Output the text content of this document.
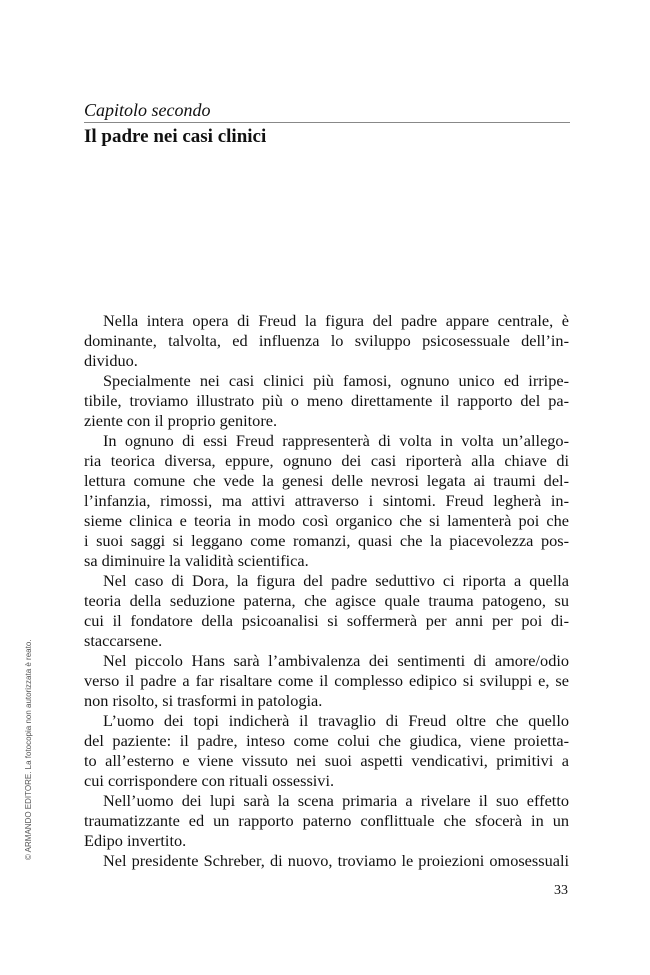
Capitolo secondo
Il padre nei casi clinici
Nella intera opera di Freud la figura del padre appare centrale, è
dominante, talvolta, ed influenza lo sviluppo psicosessuale dell’in-
dividuo.
Specialmente nei casi clinici più famosi, ognuno unico ed irripe-
tibile, troviamo illustrato più o meno direttamente il rapporto del pa-
ziente con il proprio genitore.
In ognuno di essi Freud rappresenterà di volta in volta un’allego-
ria teorica diversa, eppure, ognuno dei casi riporterà alla chiave di
lettura comune che vede la genesi delle nevrosi legata ai traumi del-
l’infanzia, rimossi, ma attivi attraverso i sintomi. Freud legherà in-
sieme clinica e teoria in modo così organico che si lamenterà poi che
i suoi saggi si leggano come romanzi, quasi che la piacevolezza pos-
sa diminuire la validità scientifica.
Nel caso di Dora, la figura del padre seduttivo ci riporta a quella
teoria della seduzione paterna, che agisce quale trauma patogeno, su
cui il fondatore della psicoanalisi si soffermerà per anni per poi di-
staccarsene.
Nel piccolo Hans sarà l’ambivalenza dei sentimenti di amore/odio
verso il padre a far risaltare come il complesso edipico si sviluppi e, se
non risolto, si trasformi in patologia.
L’uomo dei topi indicherà il travaglio di Freud oltre che quello
del paziente: il padre, inteso come colui che giudica, viene proietta-
to all’esterno e viene vissuto nei suoi aspetti vendicativi, primitivi a
cui corrispondere con rituali ossessivi.
Nell’uomo dei lupi sarà la scena primaria a rivelare il suo effetto
traumatizzante ed un rapporto paterno conflittuale che sfocerà in un
Edipo invertito.
Nel presidente Schreber, di nuovo, troviamo le proiezioni omosessuali
33
© ARMANDO EDITORE. La fotocopia non autorizzata è reato.
